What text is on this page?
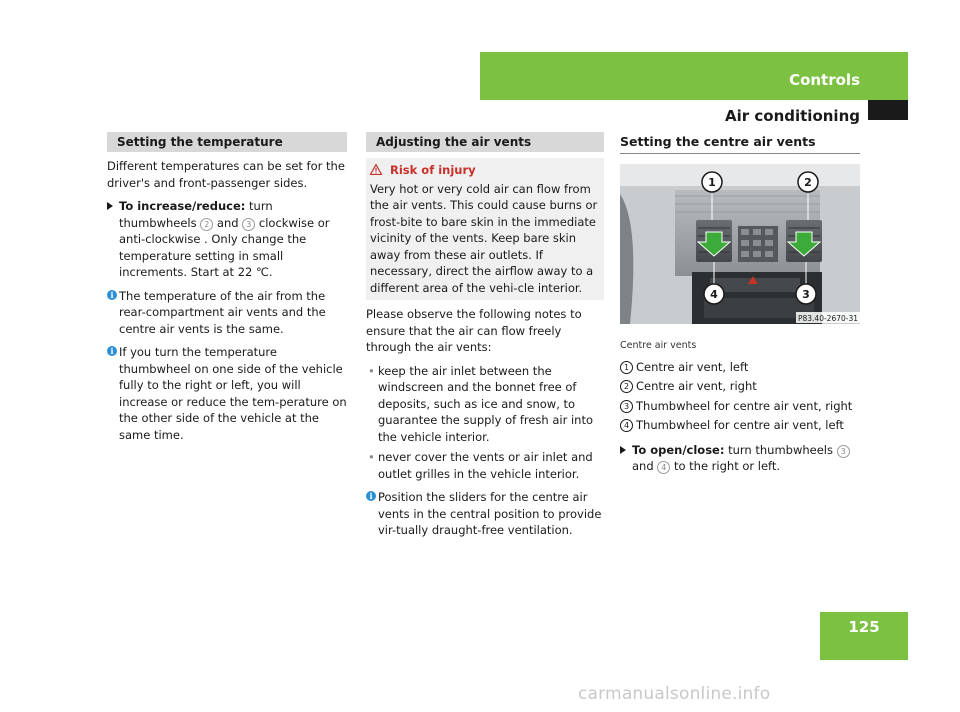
Controls
Air conditioning
125
Setting the temperature

Different temperatures can be set for the driver's and front-passenger sides.

To increase/reduce: turn thumbwheels 2 and 3 clockwise or anti-clockwise . Only change the temperature setting in small increments. Start at 22 ℃.
i The temperature of the air from the rear-compartment air vents and the centre air vents is the same.
i If you turn the temperature thumbwheel on one side of the vehicle fully to the right or left, you will increase or reduce the tem-perature on the other side of the vehicle at the same time.
Adjusting the air vents
Risk of injury
Very hot or very cold air can flow from the air vents. This could cause burns or frost-bite to bare skin in the immediate vicinity of the vents. Keep bare skin away from these air outlets. If necessary, direct the airflow away to a different area of the vehi-cle interior.

Please observe the following notes to ensure that the air can flow freely through the air vents:

• keep the air inlet between the windscreen and the bonnet free of deposits, such as ice and snow, to guarantee the supply of fresh air into the vehicle interior.
• never cover the vents or air inlet and outlet grilles in the vehicle interior.
i Position the sliders for the centre air vents in the central position to provide vir-tually draught-free ventilation.
Setting the centre air vents
1	2
3
4
P83.40-2670-31
Centre air vents
1 Centre air vent, left
2 Centre air vent, right
3 Thumbwheel for centre air vent, right
4 Thumbwheel for centre air vent, left
To open/close: turn thumbwheels 3 and 4 to the right or left.
carmanualsonline.info
